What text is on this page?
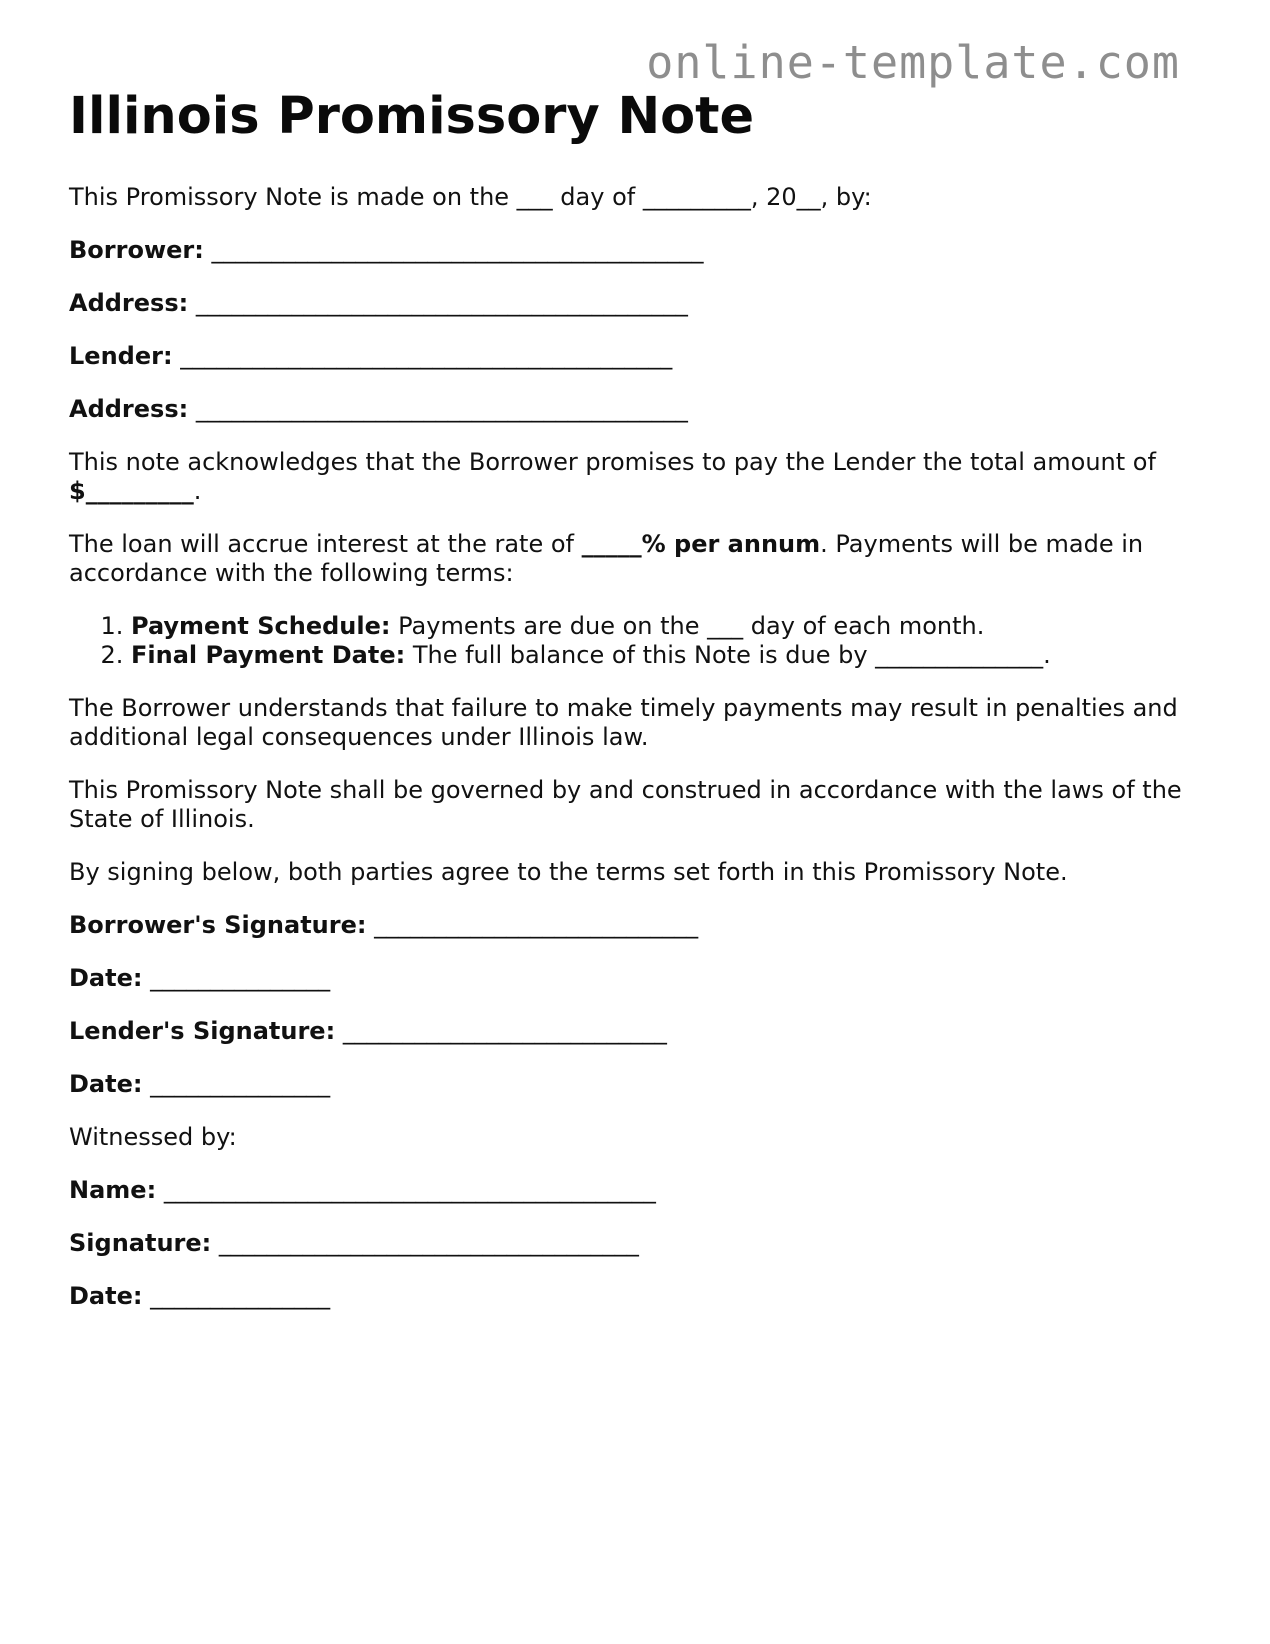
online-template.com
Illinois Promissory Note

This Promissory Note is made on the ___ day of _________, 20__, by:

Borrower: _________________________________________

Address: _________________________________________

Lender: _________________________________________

Address: _________________________________________

This note acknowledges that the Borrower promises to pay the Lender the total amount of $_________.

The loan will accrue interest at the rate of _____% per annum. Payments will be made in accordance with the following terms:

1. Payment Schedule: Payments are due on the ___ day of each month.
2. Final Payment Date: The full balance of this Note is due by ______________.

The Borrower understands that failure to make timely payments may result in penalties and additional legal consequences under Illinois law.

This Promissory Note shall be governed by and construed in accordance with the laws of the State of Illinois.

By signing below, both parties agree to the terms set forth in this Promissory Note.

Borrower's Signature: ___________________________

Date: _______________

Lender's Signature: ___________________________

Date: _______________

Witnessed by:

Name: _________________________________________

Signature: ___________________________________

Date: _______________
